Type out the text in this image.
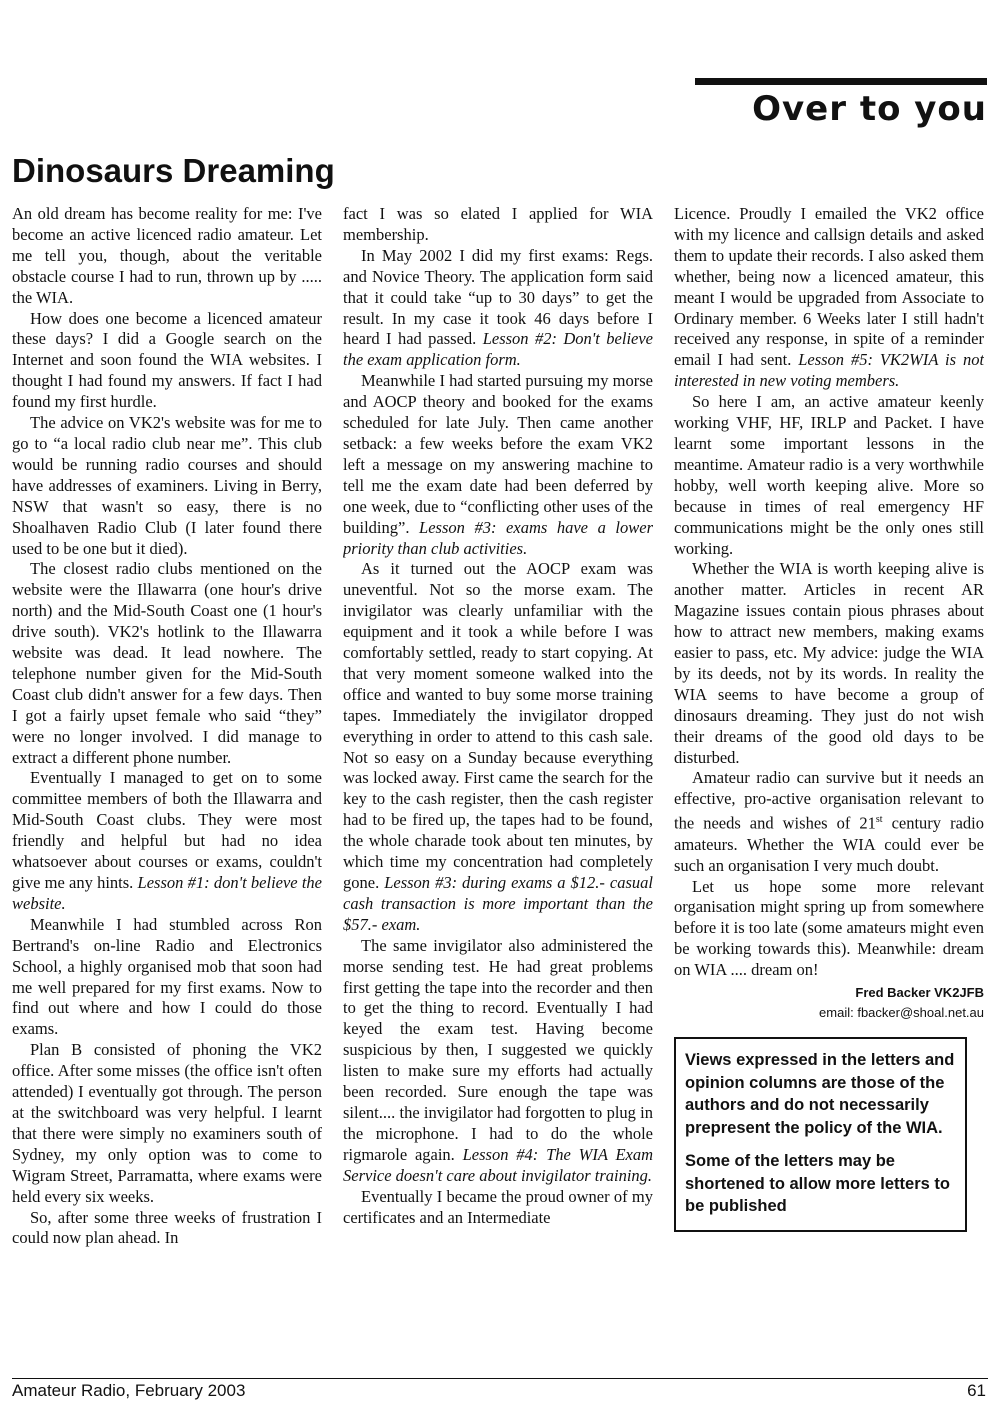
Over to you
Dinosaurs Dreaming

An old dream has become reality for me: I've become an active licenced radio amateur. Let me tell you, though, about the veritable obstacle course I had to run, thrown up by ..... the WIA.

How does one become a licenced amateur these days? I did a Google search on the Internet and soon found the WIA websites. I thought I had found my answers. If fact I had found my first hurdle.

The advice on VK2's website was for me to go to “a local radio club near me”. This club would be running radio courses and should have addresses of examiners. Living in Berry, NSW that wasn't so easy, there is no Shoalhaven Radio Club (I later found there used to be one but it died).

The closest radio clubs mentioned on the website were the Illawarra (one hour's drive north) and the Mid-South Coast one (1 hour's drive south). VK2's hotlink to the Illawarra website was dead. It lead nowhere. The telephone number given for the Mid-South Coast club didn't answer for a few days. Then I got a fairly upset female who said “they” were no longer involved. I did manage to extract a different phone number.

Eventually I managed to get on to some committee members of both the Illawarra and Mid-South Coast clubs. They were most friendly and helpful but had no idea whatsoever about courses or exams, couldn't give me any hints. Lesson #1: don't believe the website.

Meanwhile I had stumbled across Ron Bertrand's on-line Radio and Electronics School, a highly organised mob that soon had me well prepared for my first exams. Now to find out where and how I could do those exams.

Plan B consisted of phoning the VK2 office. After some misses (the office isn't often attended) I eventually got through. The person at the switchboard was very helpful. I learnt that there were simply no examiners south of Sydney, my only option was to come to Wigram Street, Parramatta, where exams were held every six weeks.

So, after some three weeks of frustration I could now plan ahead. In

fact I was so elated I applied for WIA membership.

In May 2002 I did my first exams: Regs. and Novice Theory. The application form said that it could take “up to 30 days” to get the result. In my case it took 46 days before I heard I had passed. Lesson #2: Don't believe the exam application form.

Meanwhile I had started pursuing my morse and AOCP theory and booked for the exams scheduled for late July. Then came another setback: a few weeks before the exam VK2 left a message on my answering machine to tell me the exam date had been deferred by one week, due to “conflicting other uses of the building”. Lesson #3: exams have a lower priority than club activities.

As it turned out the AOCP exam was uneventful. Not so the morse exam. The invigilator was clearly unfamiliar with the equipment and it took a while before I was comfortably settled, ready to start copying. At that very moment someone walked into the office and wanted to buy some morse training tapes. Immediately the invigilator dropped everything in order to attend to this cash sale. Not so easy on a Sunday because everything was locked away. First came the search for the key to the cash register, then the cash register had to be fired up, the tapes had to be found, the whole charade took about ten minutes, by which time my concentration had completely gone. Lesson #3: during exams a $12.- casual cash transaction is more important than the $57.- exam.

The same invigilator also administered the morse sending test. He had great problems first getting the tape into the recorder and then to get the thing to record. Eventually I had keyed the exam test. Having become suspicious by then, I suggested we quickly listen to make sure my efforts had actually been recorded. Sure enough the tape was silent.... the invigilator had forgotten to plug in the microphone. I had to do the whole rigmarole again. Lesson #4: The WIA Exam Service doesn't care about invigilator training.

Eventually I became the proud owner of my certificates and an Intermediate

Licence. Proudly I emailed the VK2 office with my licence and callsign details and asked them to update their records. I also asked them whether, being now a licenced amateur, this meant I would be upgraded from Associate to Ordinary member. 6 Weeks later I still hadn't received any response, in spite of a reminder email I had sent. Lesson #5: VK2WIA is not interested in new voting members.

So here I am, an active amateur keenly working VHF, HF, IRLP and Packet. I have learnt some important lessons in the meantime. Amateur radio is a very worthwhile hobby, well worth keeping alive. More so because in times of real emergency HF communications might be the only ones still working.

Whether the WIA is worth keeping alive is another matter. Articles in recent AR Magazine issues contain pious phrases about how to attract new members, making exams easier to pass, etc. My advice: judge the WIA by its deeds, not by its words. In reality the WIA seems to have become a group of dinosaurs dreaming. They just do not wish their dreams of the good old days to be disturbed.

Amateur radio can survive but it needs an effective, pro-active organisation relevant to the needs and wishes of 21st century radio amateurs. Whether the WIA could ever be such an organisation I very much doubt.

Let us hope some more relevant organisation might spring up from somewhere before it is too late (some amateurs might even be working towards this). Meanwhile: dream on WIA .... dream on!

Fred Backer VK2JFB
email: fbacker@shoal.net.au

Views expressed in the letters and opinion columns are those of the authors and do not necessarily prepresent the policy of the WIA.

Some of the letters may be shortened to allow more letters to be published

Amateur Radio, February 2003	61
